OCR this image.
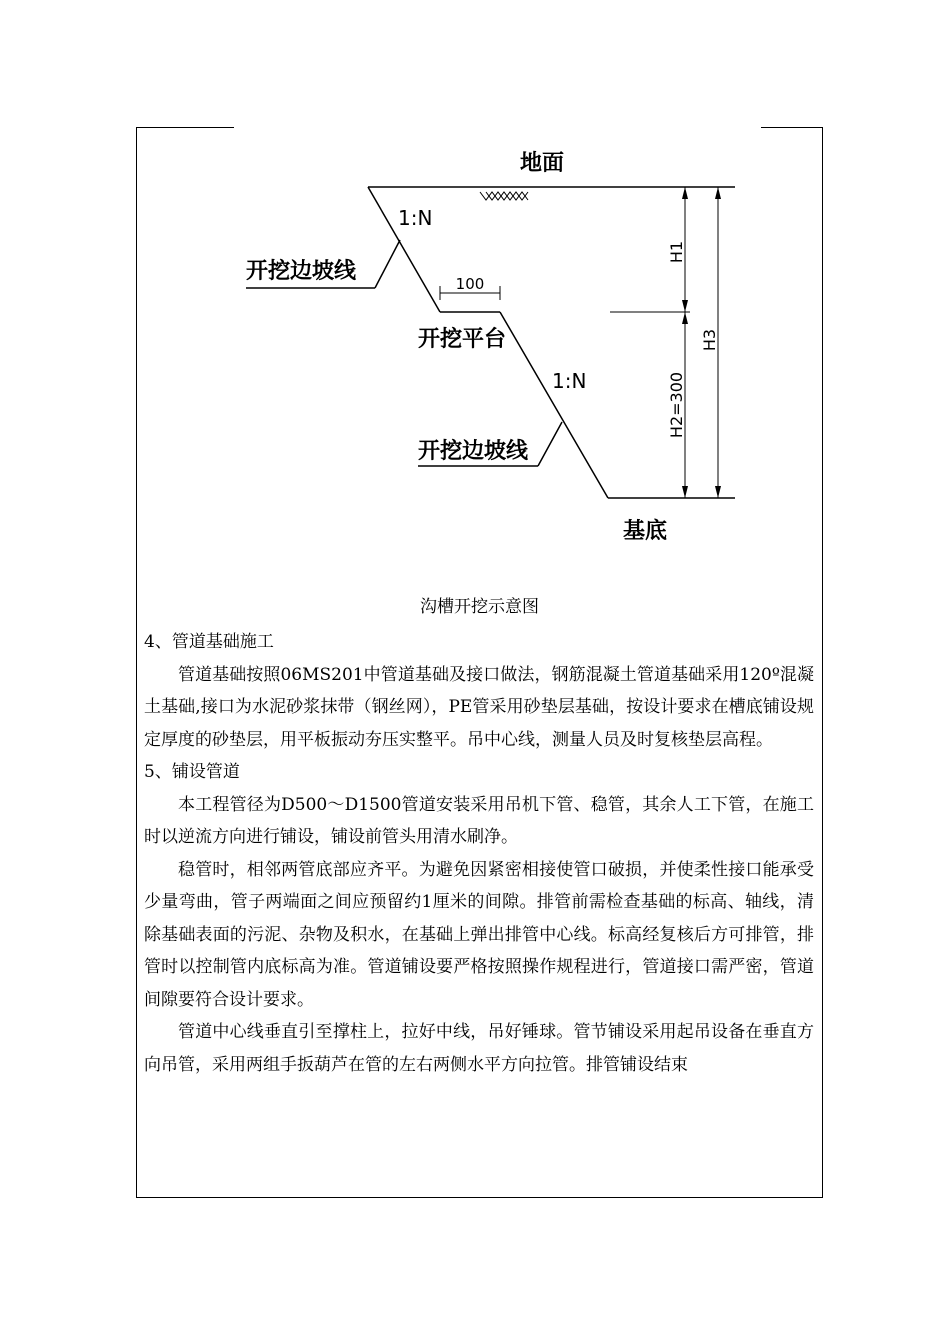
100
H1
H2=300
H3
地面
1:N
1:N
开挖边坡线
开挖平台
开挖边坡线
基底
沟槽开挖示意图

4、管道基础施工

管道基础按照06MS201中管道基础及接口做法，钢筋混凝土管道基础采用120º混凝土基础,接口为水泥砂浆抹带（钢丝网），PE管采用砂垫层基础，按设计要求在槽底铺设规定厚度的砂垫层，用平板振动夯压实整平。吊中心线，测量人员及时复核垫层高程。

5、铺设管道

本工程管径为D500～D1500管道安装采用吊机下管、稳管，其余人工下管，在施工时以逆流方向进行铺设，铺设前管头用清水刷净。

稳管时，相邻两管底部应齐平。为避免因紧密相接使管口破损，并使柔性接口能承受少量弯曲，管子两端面之间应预留约1厘米的间隙。排管前需检查基础的标高、轴线，清除基础表面的污泥、杂物及积水，在基础上弹出排管中心线。标高经复核后方可排管，排管时以控制管内底标高为准。管道铺设要严格按照操作规程进行，管道接口需严密，管道间隙要符合设计要求。

管道中心线垂直引至撑柱上，拉好中线，吊好锤球。管节铺设采用起吊设备在垂直方向吊管，采用两组手扳葫芦在管的左右两侧水平方向拉管。排管铺设结束
